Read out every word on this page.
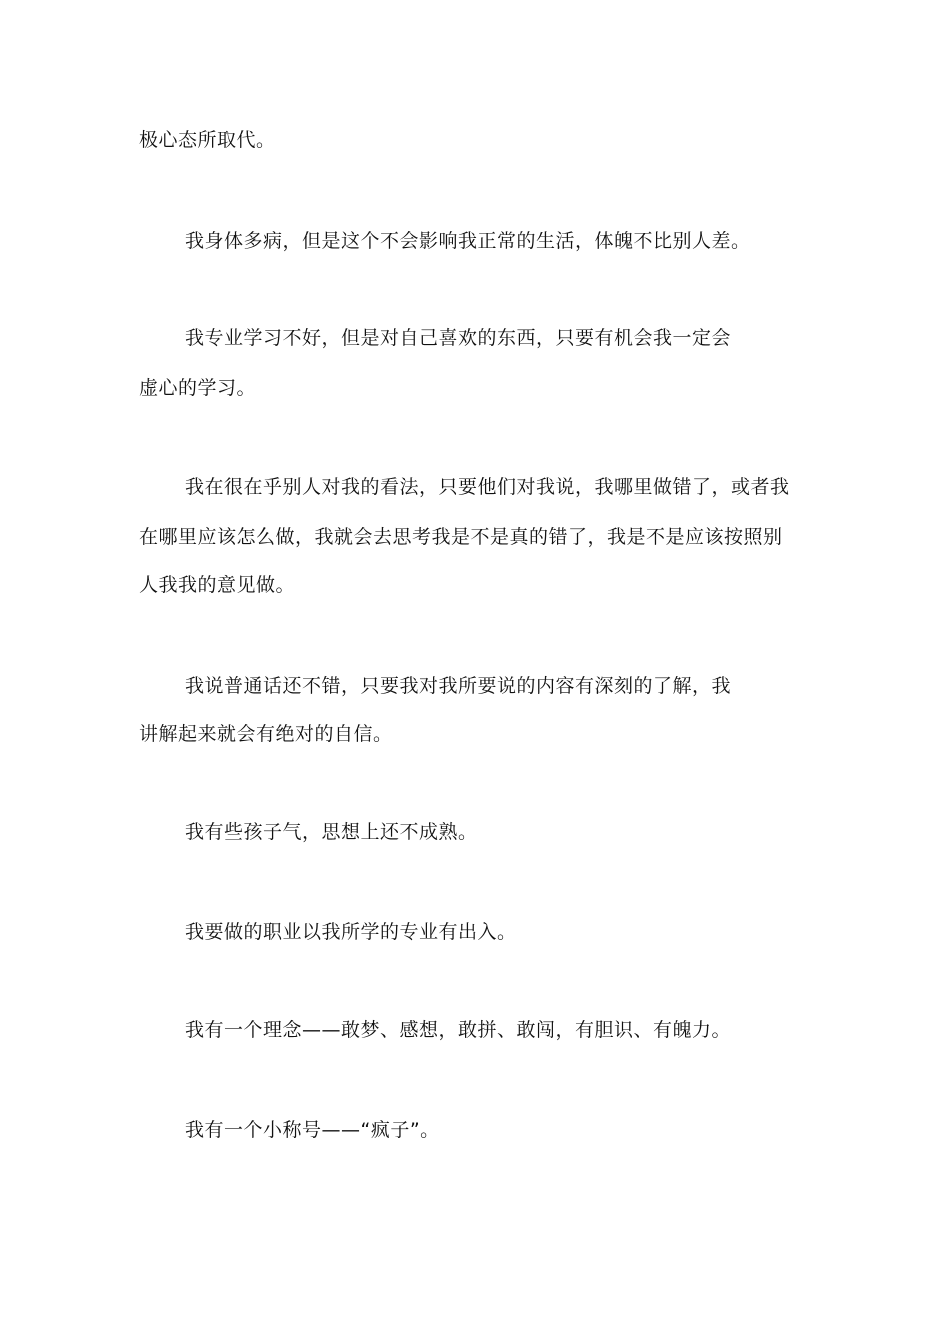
极心态所取代。
我身体多病，但是这个不会影响我正常的生活，体魄不比别人差。
我专业学习不好，但是对自己喜欢的东西，只要有机会我一定会
虚心的学习。
我在很在乎别人对我的看法，只要他们对我说，我哪里做错了，或者我
在哪里应该怎么做，我就会去思考我是不是真的错了，我是不是应该按照别
人我我的意见做。
我说普通话还不错，只要我对我所要说的内容有深刻的了解，我
讲解起来就会有绝对的自信。
我有些孩子气，思想上还不成熟。
我要做的职业以我所学的专业有出入。
我有一个理念——敢梦、感想，敢拼、敢闯，有胆识、有魄力。
我有一个小称号——“疯子”。
